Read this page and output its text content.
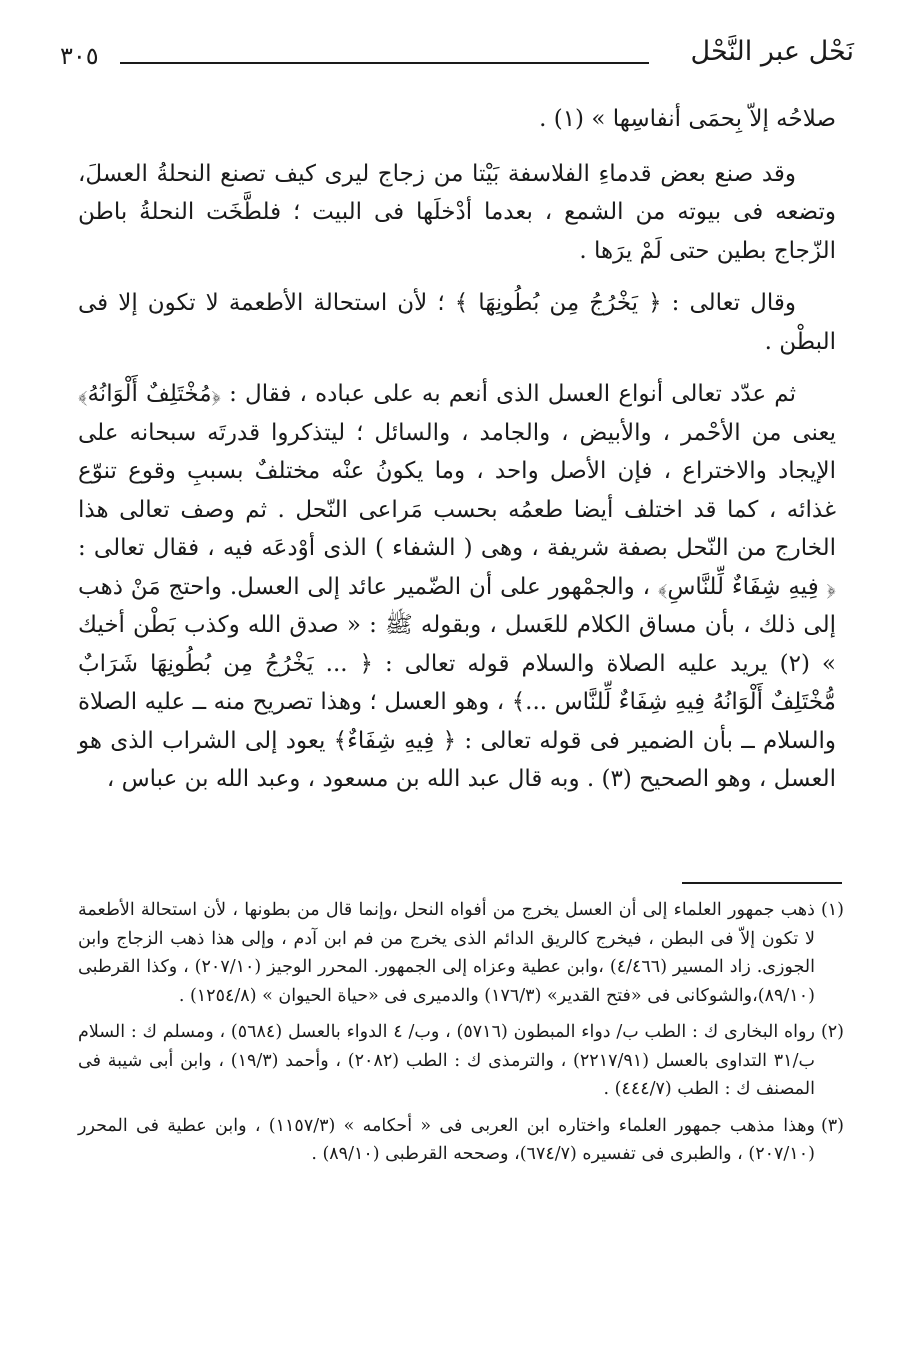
نَحْل عبر النَّحْل
٣٠٥

صلاحُه إلاّ بِحمَى أنفاسِها » (١) .

وقد صنع بعض قدماءِ الفلاسفة بَيْتا من زجاج ليرى كيف تصنع النحلةُ العسلَ، وتضعه فى بيوته من الشمع ، بعدما أدْخلَها فى البيت ؛ فلطَّخَت النحلةُ باطن الزّجاج بطين حتى لَمْ يرَها .

وقال تعالى : ﴿ يَخْرُجُ مِن بُطُونِهَا ﴾ ؛ لأن استحالة الأطعمة لا تكون إلا فى البطْن .

ثم عدّد تعالى أنواع العسل الذى أنعم به على عباده ، فقال : ﴿مُخْتَلِفٌ أَلْوَانُهُ﴾ يعنى من الأحْمر ، والأبيض ، والجامد ، والسائل ؛ ليتذكروا قدرتَه سبحانه على الإيجاد والاختراع ، فإن الأصل واحد ، وما يكونُ عنْه مختلفٌ بسببِ وقوع تنوّع غذائه ، كما قد اختلف أيضا طعمُه بحسب مَراعى النّحل . ثم وصف تعالى هذا الخارج من النّحل بصفة شريفة ، وهى ( الشفاء ) الذى أوْدعَه فيه ، فقال تعالى : ﴿ فِيهِ شِفَاءٌ لِّلنَّاسِ﴾ ، والجمْهور على أن الضّمير عائد إلى العسل. واحتج مَنْ ذهب إلى ذلك ، بأن مساق الكلام للعَسل ، وبقوله ﷺ : « صدق الله وكذب بَطْن أخيك » (٢) يريد عليه الصلاة والسلام قوله تعالى : ﴿ ... يَخْرُجُ مِن بُطُونِهَا شَرَابٌ مُّخْتَلِفٌ أَلْوَانُهُ فِيهِ شِفَاءٌ لِّلنَّاس ...﴾ ، وهو العسل ؛ وهذا تصريح منه ــ عليه الصلاة والسلام ــ بأن الضمير فى قوله تعالى : ﴿ فِيهِ شِفَاءٌ﴾ يعود إلى الشراب الذى هو العسل ، وهو الصحيح (٣) . وبه قال عبد الله بن مسعود ، وعبد الله بن عباس ،

(١)
ذهب جمهور العلماء إلى أن العسل يخرج من أفواه النحل ،وإنما قال من بطونها ، لأن استحالة الأطعمة لا تكون إلاّ فى البطن ، فيخرج كالريق الدائم الذى يخرج من فم ابن آدم ، وإلى هذا ذهب الزجاج وابن الجوزى. زاد المسير (٤/٤٦٦) ،وابن عطية وعزاه إلى الجمهور. المحرر الوجيز (٢٠٧/١٠) ، وكذا القرطبى (٨٩/١٠)،والشوكانى فى «فتح القدير» (١٧٦/٣) والدميرى فى «حياة الحيوان » (١٢٥٤/٨) .
(٢)
رواه البخارى ك : الطب ب/ دواء المبطون (٥٧١٦) ، وب/ ٤ الدواء بالعسل (٥٦٨٤) ، ومسلم ك : السلام ب/٣١ التداوى بالعسل (٢٢١٧/٩١) ، والترمذى ك : الطب (٢٠٨٢) ، وأحمد (١٩/٣) ، وابن أبى شيبة فى المصنف ك : الطب (٤٤٤/٧) .
(٣)
وهذا مذهب جمهور العلماء واختاره ابن العربى فى « أحكامه » (١١٥٧/٣) ، وابن عطية فى المحرر (٢٠٧/١٠) ، والطبرى فى تفسيره (٦٧٤/٧)، وصححه القرطبى (٨٩/١٠) .
